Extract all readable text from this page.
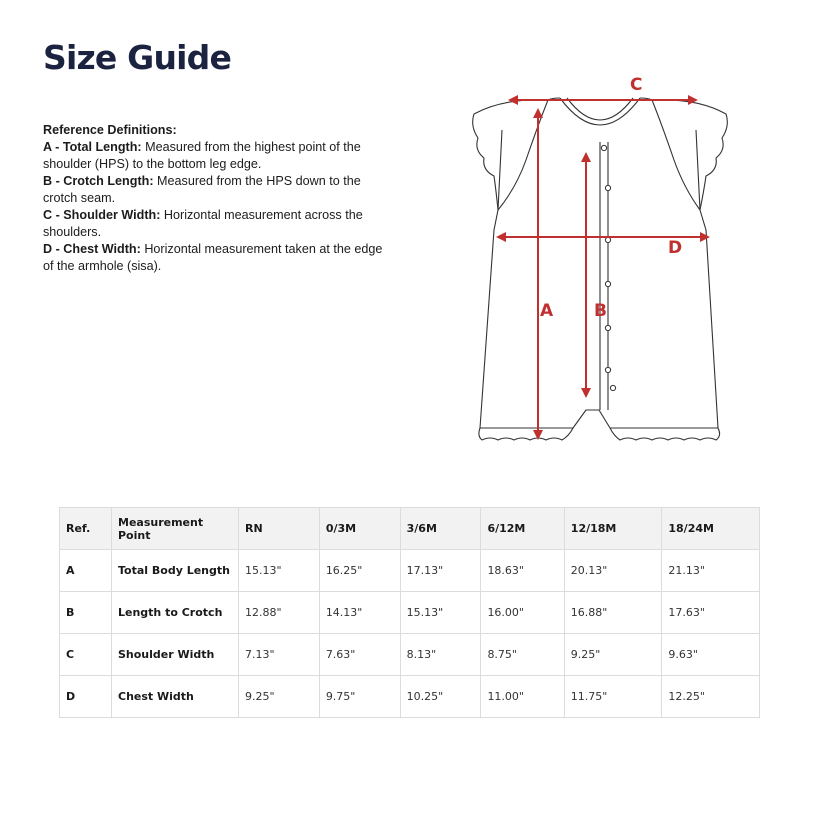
Size Guide
Reference Definitions:
A - Total Length: Measured from the highest point of the shoulder (HPS) to the bottom leg edge.
B - Crotch Length: Measured from the HPS down to the crotch seam.
C - Shoulder Width: Horizontal measurement across the shoulders.
D - Chest Width: Horizontal measurement taken at the edge of the armhole (sisa).
C
D
A B
Ref.	Measurement Point	RN	0/3M	3/6M	6/12M	12/18M	18/24M
A	Total Body Length	15.13"	16.25"	17.13"	18.63"	20.13"	21.13"
B	Length to Crotch	12.88"	14.13"	15.13"	16.00"	16.88"	17.63"
C	Shoulder Width	7.13"	7.63"	8.13"	8.75"	9.25"	9.63"
D	Chest Width	9.25"	9.75"	10.25"	11.00"	11.75"	12.25"
